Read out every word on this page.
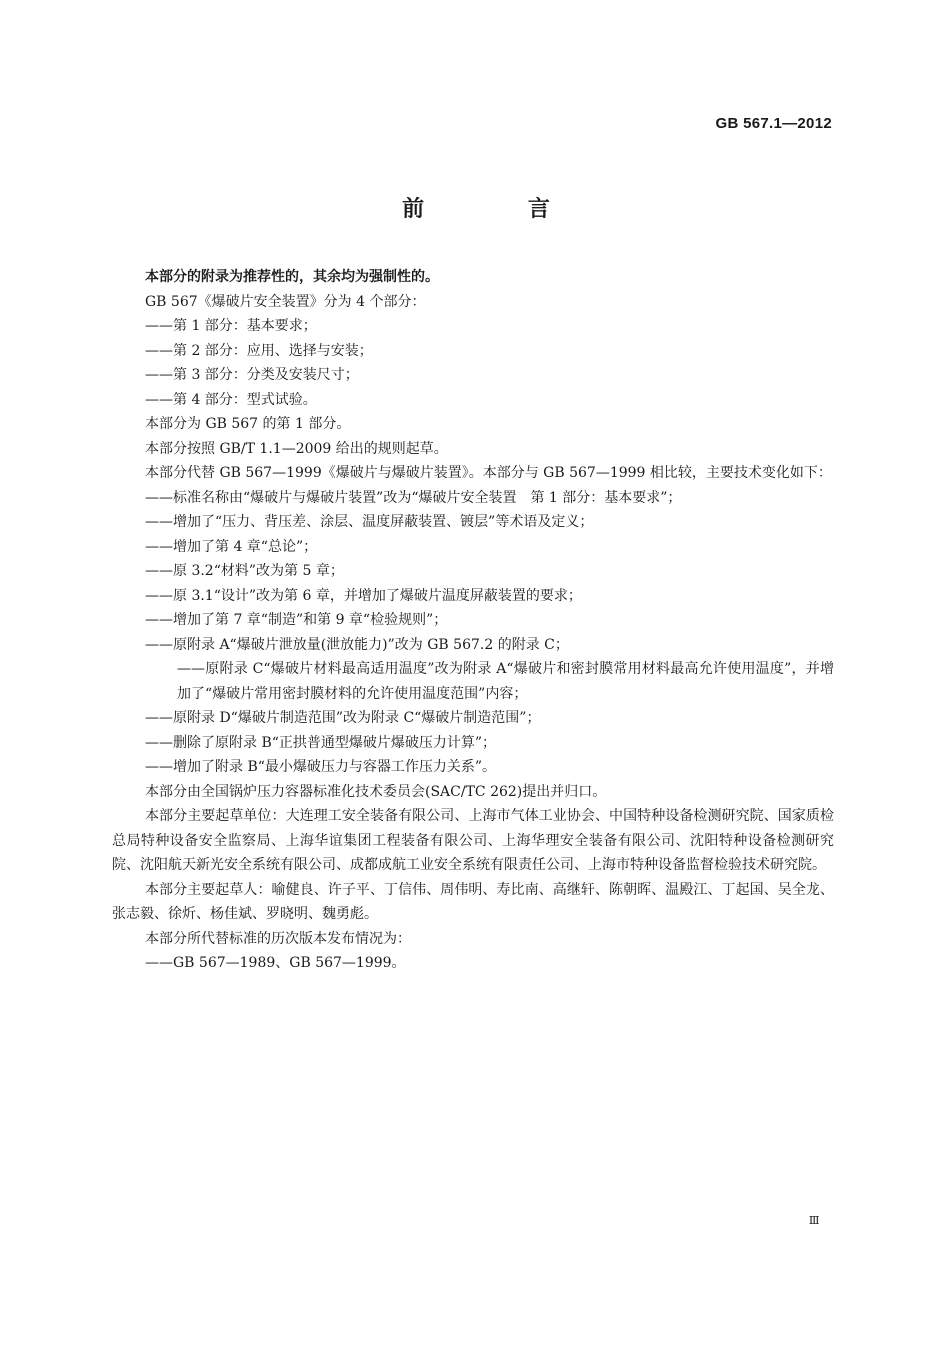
GB 567.1—2012
前 言

本部分的附录为推荐性的，其余均为强制性的。

GB 567《爆破片安全装置》分为 4 个部分：

——第 1 部分：基本要求；

——第 2 部分：应用、选择与安装；

——第 3 部分：分类及安装尺寸；

——第 4 部分：型式试验。

本部分为 GB 567 的第 1 部分。

本部分按照 GB/T 1.1—2009 给出的规则起草。

本部分代替 GB 567—1999《爆破片与爆破片装置》。本部分与 GB 567—1999 相比较，主要技术变化如下：

——标准名称由“爆破片与爆破片装置”改为“爆破片安全装置　第 1 部分：基本要求”；

——增加了“压力、背压差、涂层、温度屏蔽装置、镀层”等术语及定义；

——增加了第 4 章“总论”；

——原 3.2“材料”改为第 5 章；

——原 3.1“设计”改为第 6 章，并增加了爆破片温度屏蔽装置的要求；

——增加了第 7 章“制造”和第 9 章“检验规则”；

——原附录 A“爆破片泄放量(泄放能力)”改为 GB 567.2 的附录 C；

——原附录 C“爆破片材料最高适用温度”改为附录 A“爆破片和密封膜常用材料最高允许使用温度”，并增加了“爆破片常用密封膜材料的允许使用温度范围”内容；

——原附录 D“爆破片制造范围”改为附录 C“爆破片制造范围”；

——删除了原附录 B“正拱普通型爆破片爆破压力计算”；

——增加了附录 B“最小爆破压力与容器工作压力关系”。

本部分由全国锅炉压力容器标准化技术委员会(SAC/TC 262)提出并归口。

本部分主要起草单位：大连理工安全装备有限公司、上海市气体工业协会、中国特种设备检测研究院、国家质检总局特种设备安全监察局、上海华谊集团工程装备有限公司、上海华理安全装备有限公司、沈阳特种设备检测研究院、沈阳航天新光安全系统有限公司、成都成航工业安全系统有限责任公司、上海市特种设备监督检验技术研究院。

本部分主要起草人：喻健良、许子平、丁信伟、周伟明、寿比南、高继轩、陈朝晖、温殿江、丁起国、吴全龙、张志毅、徐炘、杨佳斌、罗晓明、魏勇彪。

本部分所代替标准的历次版本发布情况为：

——GB 567—1989、GB 567—1999。

Ⅲ
